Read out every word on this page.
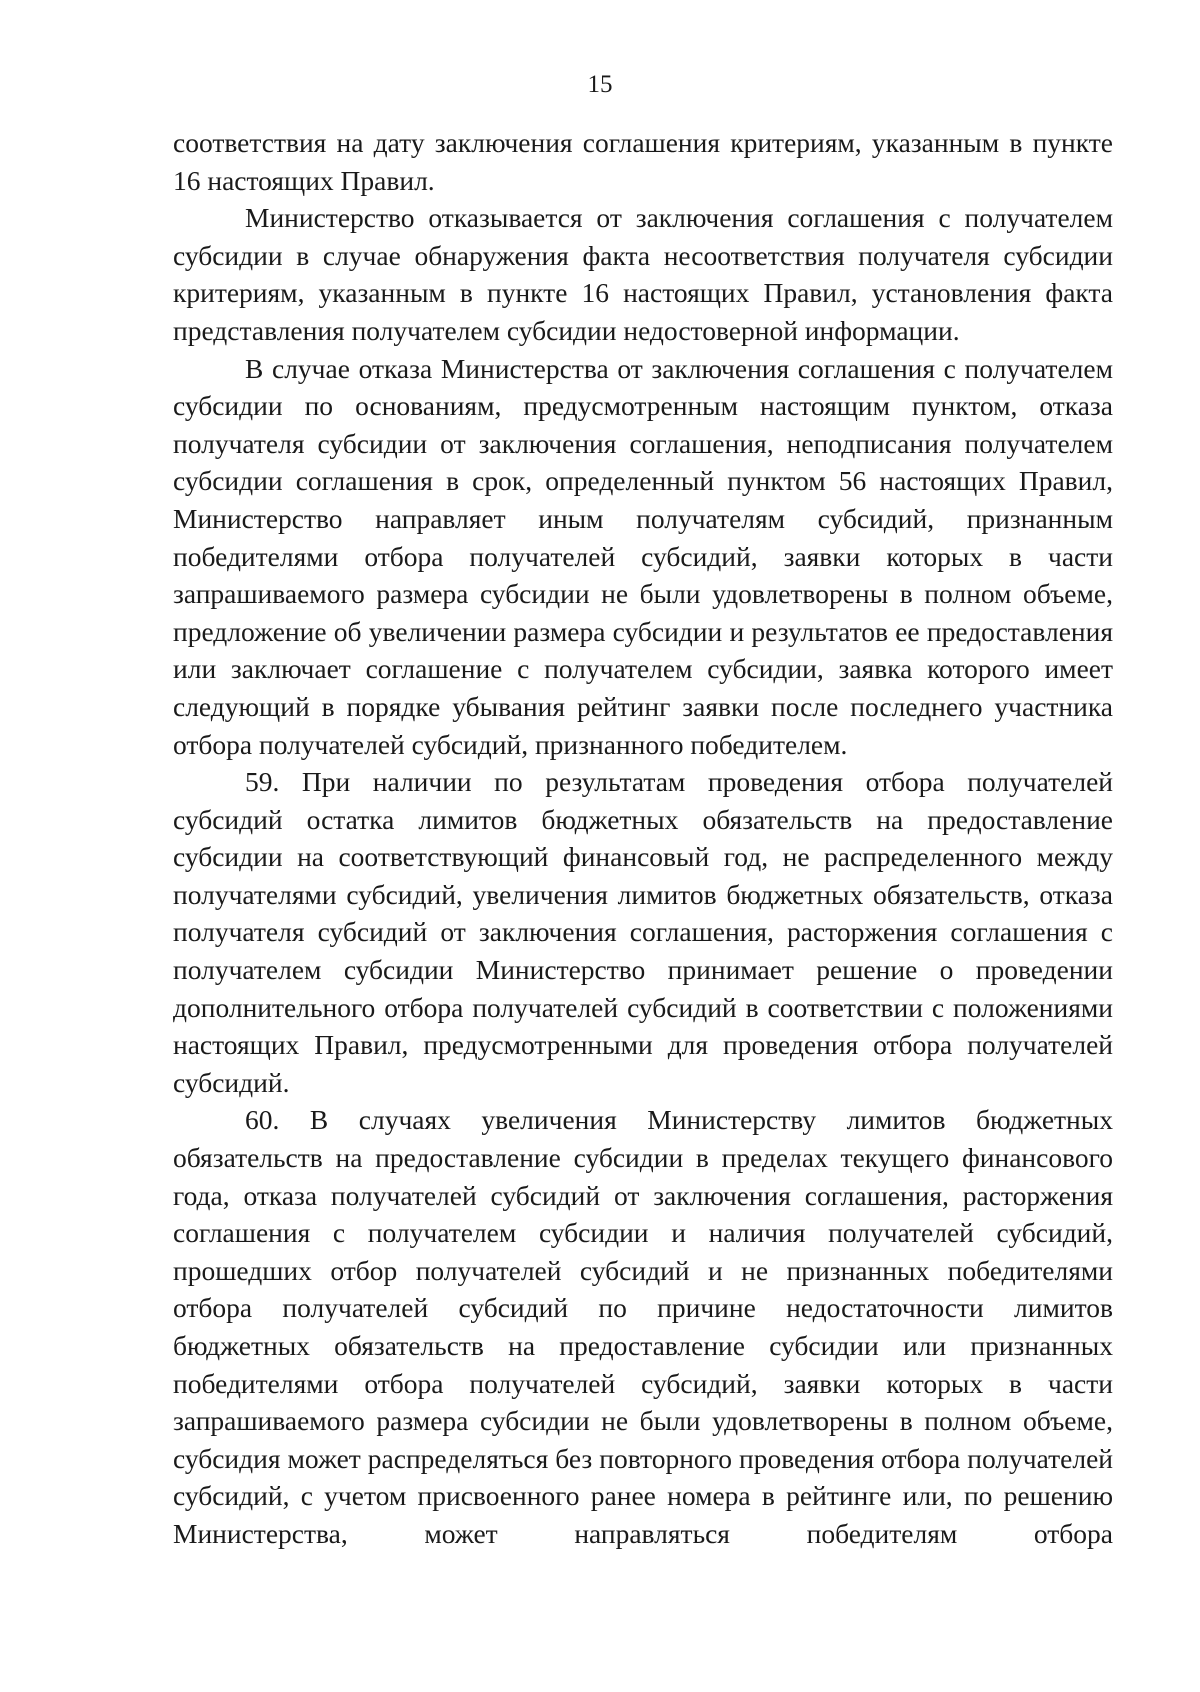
15

соответствия на дату заключения соглашения критериям, указанным в пункте 16 настоящих Правил.

Министерство отказывается от заключения соглашения с получателем субсидии в случае обнаружения факта несоответствия получателя субсидии критериям, указанным в пункте 16 настоящих Правил, установления факта представления получателем субсидии недостоверной информации.

В случае отказа Министерства от заключения соглашения с получателем субсидии по основаниям, предусмотренным настоящим пунктом, отказа получателя субсидии от заключения соглашения, неподписания получателем субсидии соглашения в срок, определенный пунктом 56 настоящих Правил, Министерство направляет иным получателям субсидий, признанным победителями отбора получателей субсидий, заявки которых в части запрашиваемого размера субсидии не были удовлетворены в полном объеме, предложение об увеличении размера субсидии и результатов ее предоставления или заключает соглашение с получателем субсидии, заявка которого имеет следующий в порядке убывания рейтинг заявки после последнего участника отбора получателей субсидий, признанного победителем.

59. При наличии по результатам проведения отбора получателей субсидий остатка лимитов бюджетных обязательств на предоставление субсидии на соответствующий финансовый год, не распределенного между получателями субсидий, увеличения лимитов бюджетных обязательств, отказа получателя субсидий от заключения соглашения, расторжения соглашения с получателем субсидии Министерство принимает решение о проведении дополнительного отбора получателей субсидий в соответствии с положениями настоящих Правил, предусмотренными для проведения отбора получателей субсидий.

60. В случаях увеличения Министерству лимитов бюджетных обязательств на предоставление субсидии в пределах текущего финансового года, отказа получателей субсидий от заключения соглашения, расторжения соглашения с получателем субсидии и наличия получателей субсидий, прошедших отбор получателей субсидий и не признанных победителями отбора получателей субсидий по причине недостаточности лимитов бюджетных обязательств на предоставление субсидии или признанных победителями отбора получателей субсидий, заявки которых в части запрашиваемого размера субсидии не были удовлетворены в полном объеме, субсидия может распределяться без повторного проведения отбора получателей субсидий, с учетом присвоенного ранее номера в рейтинге или, по решению Министерства, может направляться победителям отбора
